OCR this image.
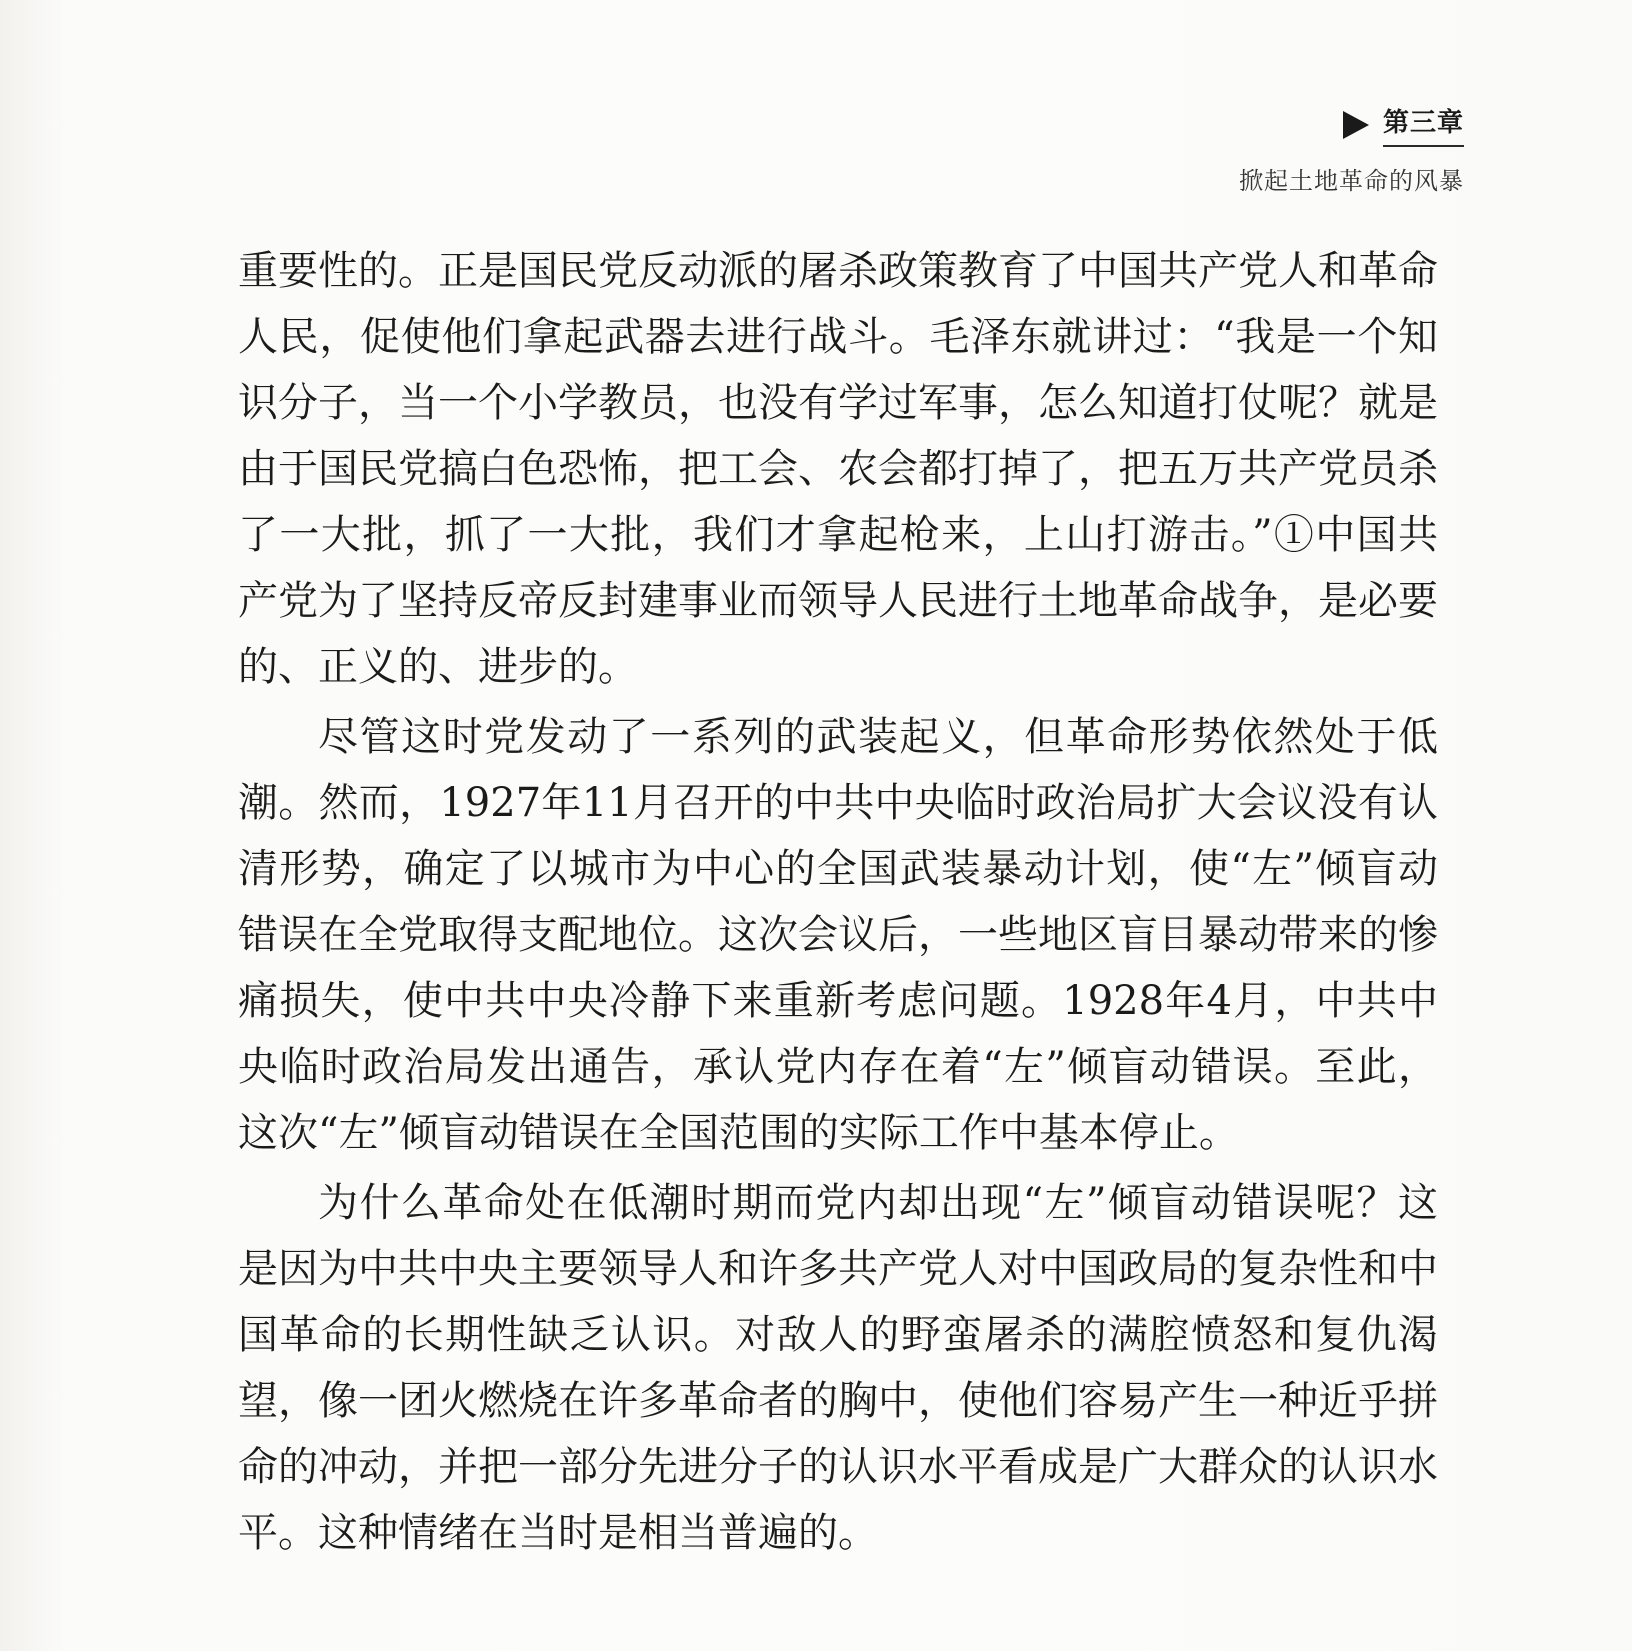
第三章
掀起土地革命的风暴

重要性的。正是国民党反动派的屠杀政策教育了中国共产党人和革命人民，促使他们拿起武器去进行战斗。毛泽东就讲过：“我是一个知识分子，当一个小学教员，也没有学过军事，怎么知道打仗呢？就是由于国民党搞白色恐怖，把工会、农会都打掉了，把五万共产党员杀了一大批，抓了一大批，我们才拿起枪来，上山打游击。”①中国共产党为了坚持反帝反封建事业而领导人民进行土地革命战争，是必要的、正义的、进步的。

尽管这时党发动了一系列的武装起义，但革命形势依然处于低潮。然而，1927年11月召开的中共中央临时政治局扩大会议没有认清形势，确定了以城市为中心的全国武装暴动计划，使“左”倾盲动错误在全党取得支配地位。这次会议后，一些地区盲目暴动带来的惨痛损失，使中共中央冷静下来重新考虑问题。1928年4月，中共中央临时政治局发出通告，承认党内存在着“左”倾盲动错误。至此，这次“左”倾盲动错误在全国范围的实际工作中基本停止。

为什么革命处在低潮时期而党内却出现“左”倾盲动错误呢？这是因为中共中央主要领导人和许多共产党人对中国政局的复杂性和中国革命的长期性缺乏认识。对敌人的野蛮屠杀的满腔愤怒和复仇渴望，像一团火燃烧在许多革命者的胸中，使他们容易产生一种近乎拼命的冲动，并把一部分先进分子的认识水平看成是广大群众的认识水平。这种情绪在当时是相当普遍的。
